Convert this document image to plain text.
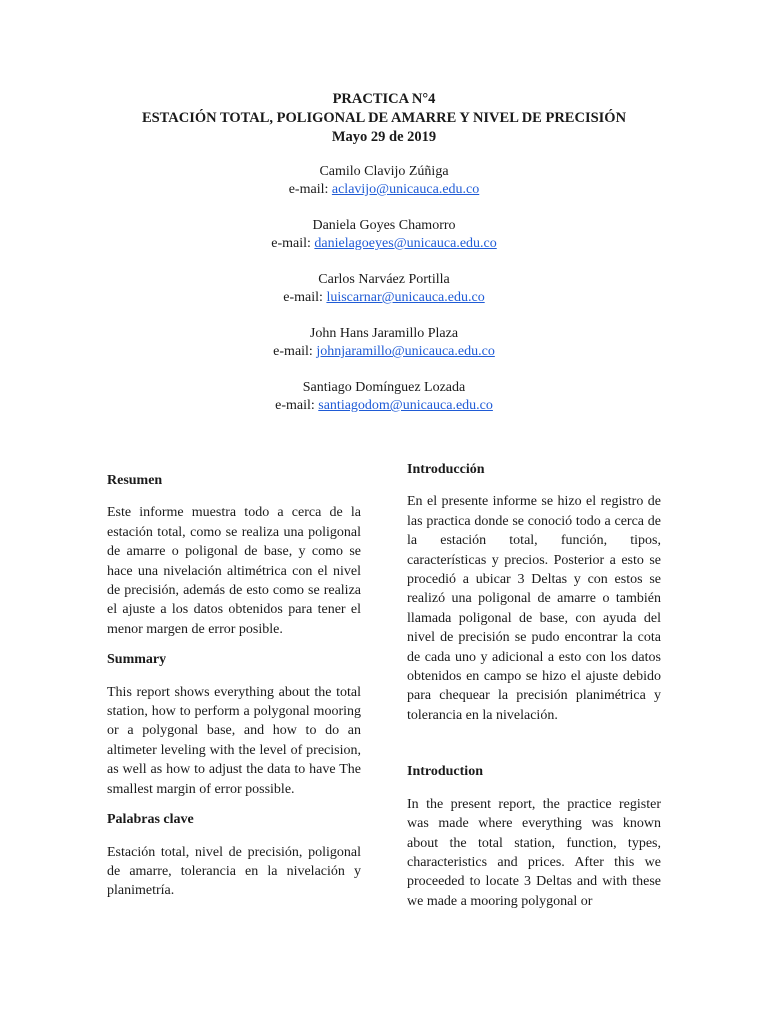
PRACTICA N°4
ESTACIÓN TOTAL, POLIGONAL DE AMARRE Y NIVEL DE PRECISIÓN
Mayo 29 de 2019
Camilo Clavijo Zúñiga
e-mail: aclavijo@unicauca.edu.co
Daniela Goyes Chamorro
e-mail: danielagoeyes@unicauca.edu.co
Carlos Narváez Portilla
e-mail: luiscarnar@unicauca.edu.co
John Hans Jaramillo Plaza
e-mail: johnjaramillo@unicauca.edu.co
Santiago Domínguez Lozada
e-mail: santiagodom@unicauca.edu.co
Resumen
Este informe muestra todo a cerca de la estación total, como se realiza una poligonal de amarre o poligonal de base, y como se hace una nivelación altimétrica con el nivel de precisión, además de esto como se realiza el ajuste a los datos obtenidos para tener el menor margen de error posible.
Summary
This report shows everything about the total station, how to perform a polygonal mooring or a polygonal base, and how to do an altimeter leveling with the level of precision, as well as how to adjust the data to have The smallest margin of error possible.
Palabras clave
Estación total, nivel de precisión, poligonal de amarre, tolerancia en la nivelación y planimetría.
Introducción
En el presente informe se hizo el registro de las practica donde se conoció todo a cerca de la estación total, función, tipos, características y precios. Posterior a esto se procedió a ubicar 3 Deltas y con estos se realizó una poligonal de amarre o también llamada poligonal de base, con ayuda del nivel de precisión se pudo encontrar la cota de cada uno y adicional a esto con los datos obtenidos en campo se hizo el ajuste debido para chequear la precisión planimétrica y tolerancia en la nivelación.
Introduction
In the present report, the practice register was made where everything was known about the total station, function, types, characteristics and prices. After this we proceeded to locate 3 Deltas and with these we made a mooring polygonal or
